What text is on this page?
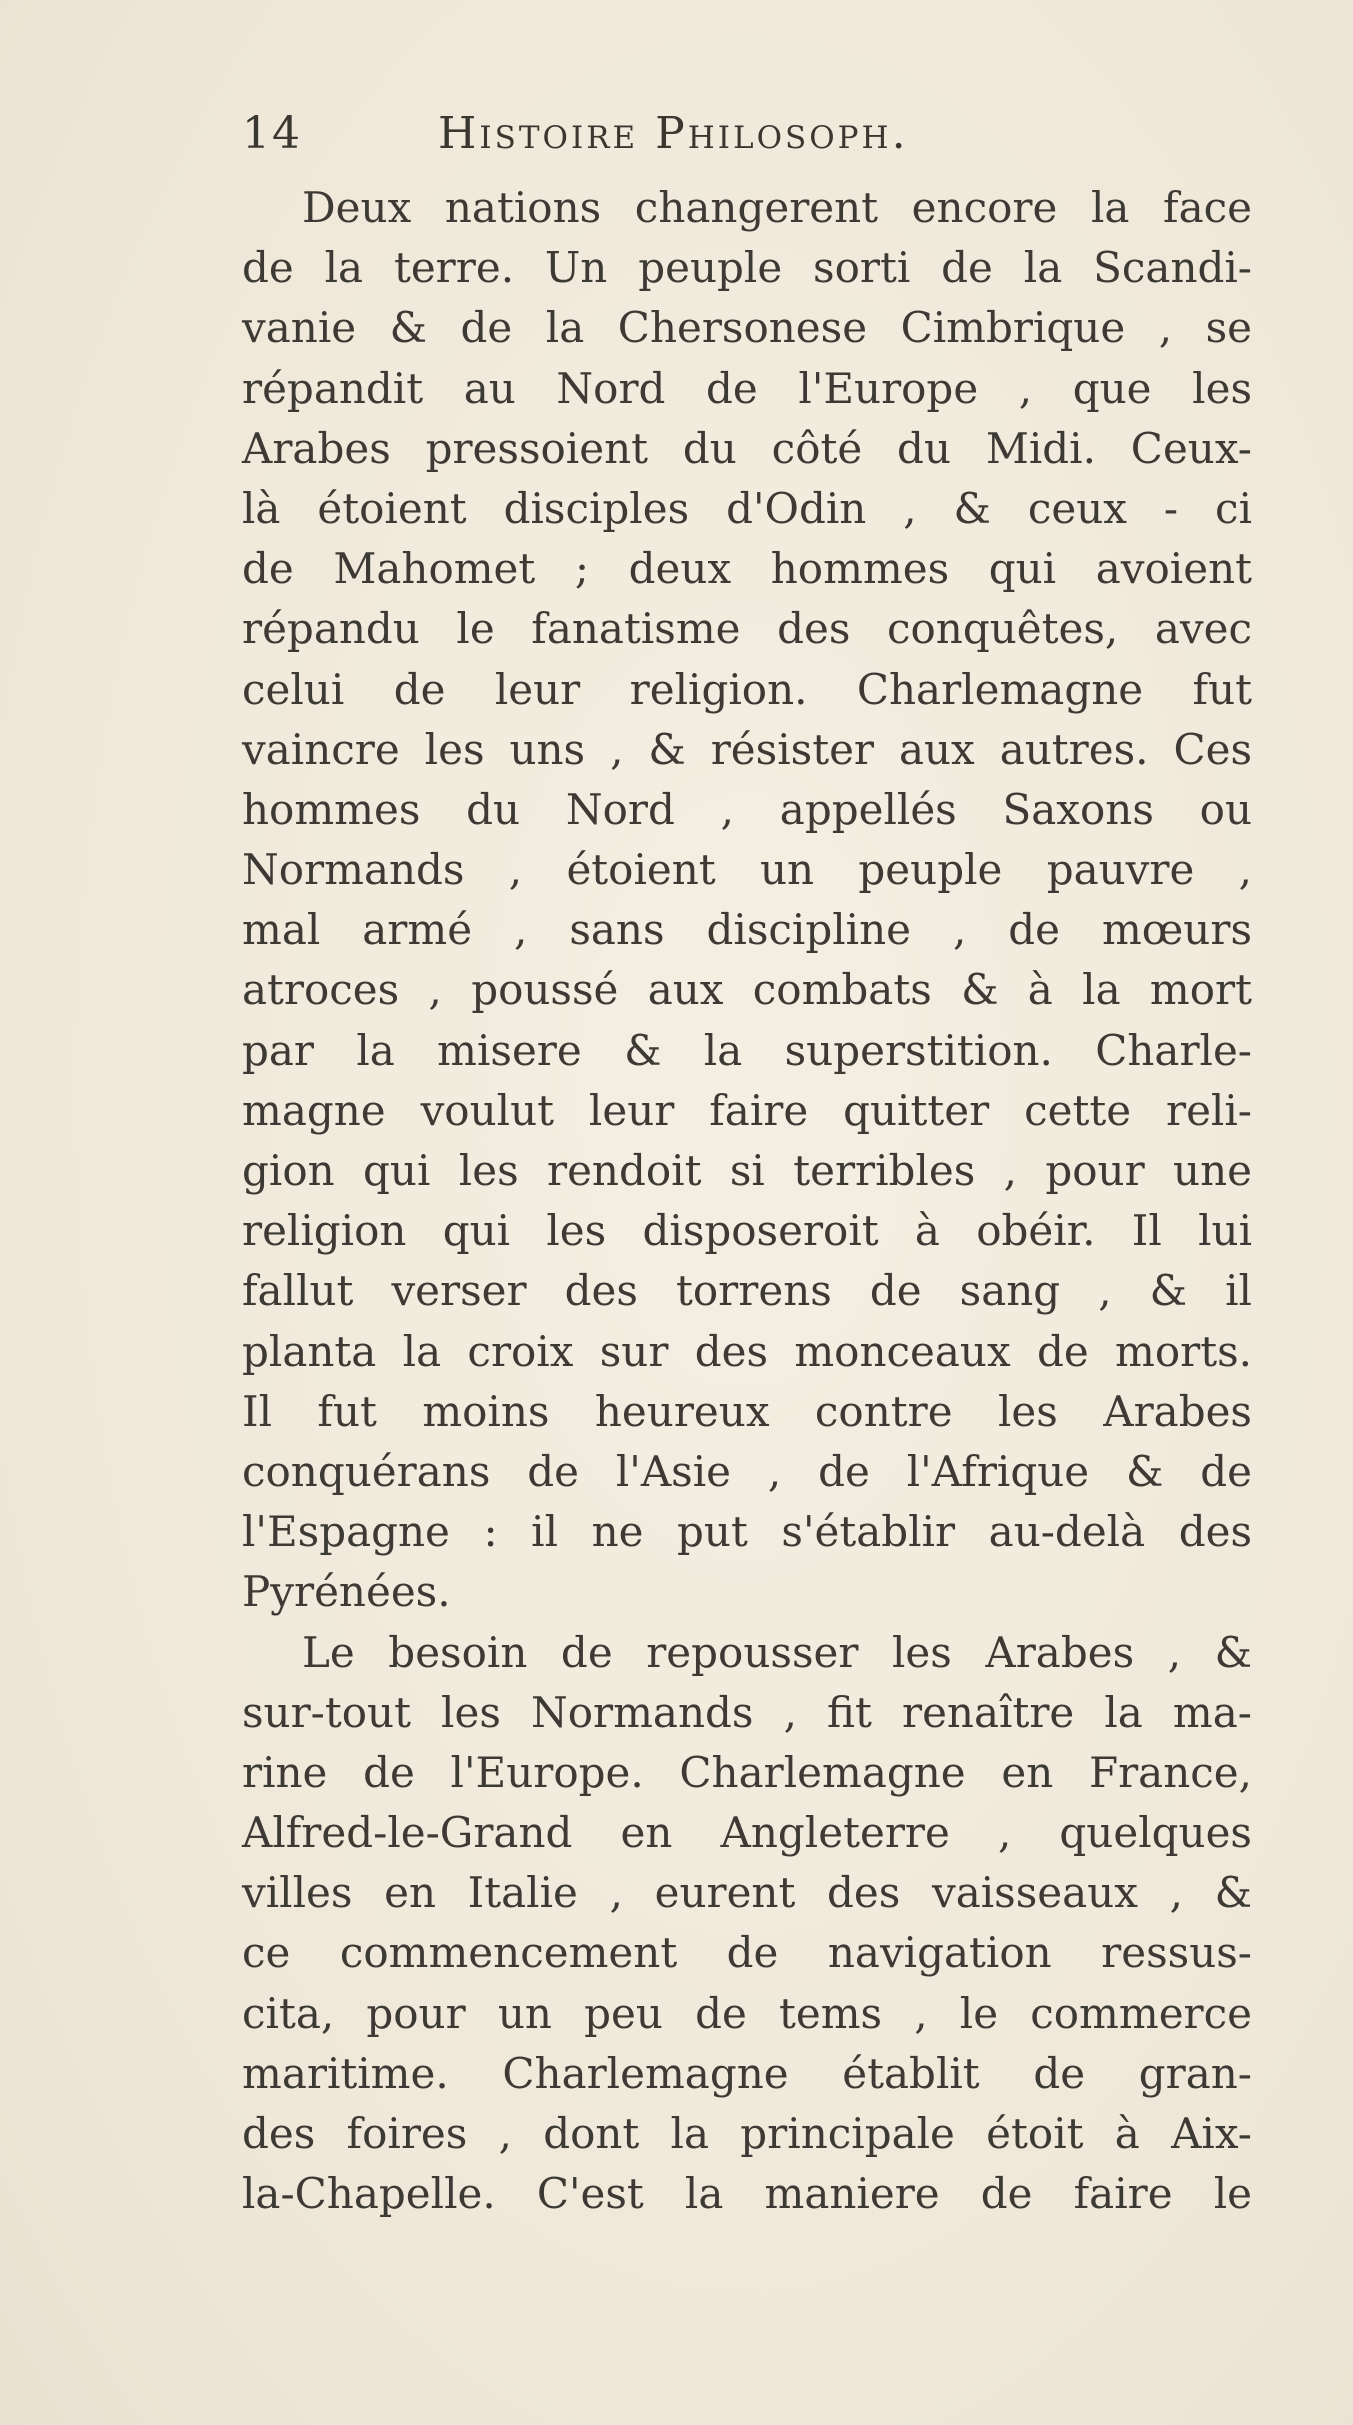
14	Histoire Philosoph.
Deux nations changerent encore la face
de la terre. Un peuple sorti de la Scandi-
vanie & de la Chersonese Cimbrique , se
répandit au Nord de l'Europe , que les
Arabes pressoient du côté du Midi. Ceux-
là étoient disciples d'Odin , & ceux - ci
de Mahomet ; deux hommes qui avoient
répandu le fanatisme des conquêtes, avec
celui de leur religion. Charlemagne fut
vaincre les uns , & résister aux autres. Ces
hommes du Nord , appellés Saxons ou
Normands , étoient un peuple pauvre ,
mal armé , sans discipline , de mœurs
atroces , poussé aux combats & à la mort
par la misere & la superstition. Charle-
magne voulut leur faire quitter cette reli-
gion qui les rendoit si terribles , pour une
religion qui les disposeroit à obéir. Il lui
fallut verser des torrens de sang , & il
planta la croix sur des monceaux de morts.
Il fut moins heureux contre les Arabes
conquérans de l'Asie , de l'Afrique & de
l'Espagne : il ne put s'établir au-delà des
Pyrénées.
Le besoin de repousser les Arabes , &
sur-tout les Normands , fit renaître la ma-
rine de l'Europe. Charlemagne en France,
Alfred-le-Grand en Angleterre , quelques
villes en Italie , eurent des vaisseaux , &
ce commencement de navigation ressus-
cita, pour un peu de tems , le commerce
maritime. Charlemagne établit de gran-
des foires , dont la principale étoit à Aix-
la-Chapelle. C'est la maniere de faire le
